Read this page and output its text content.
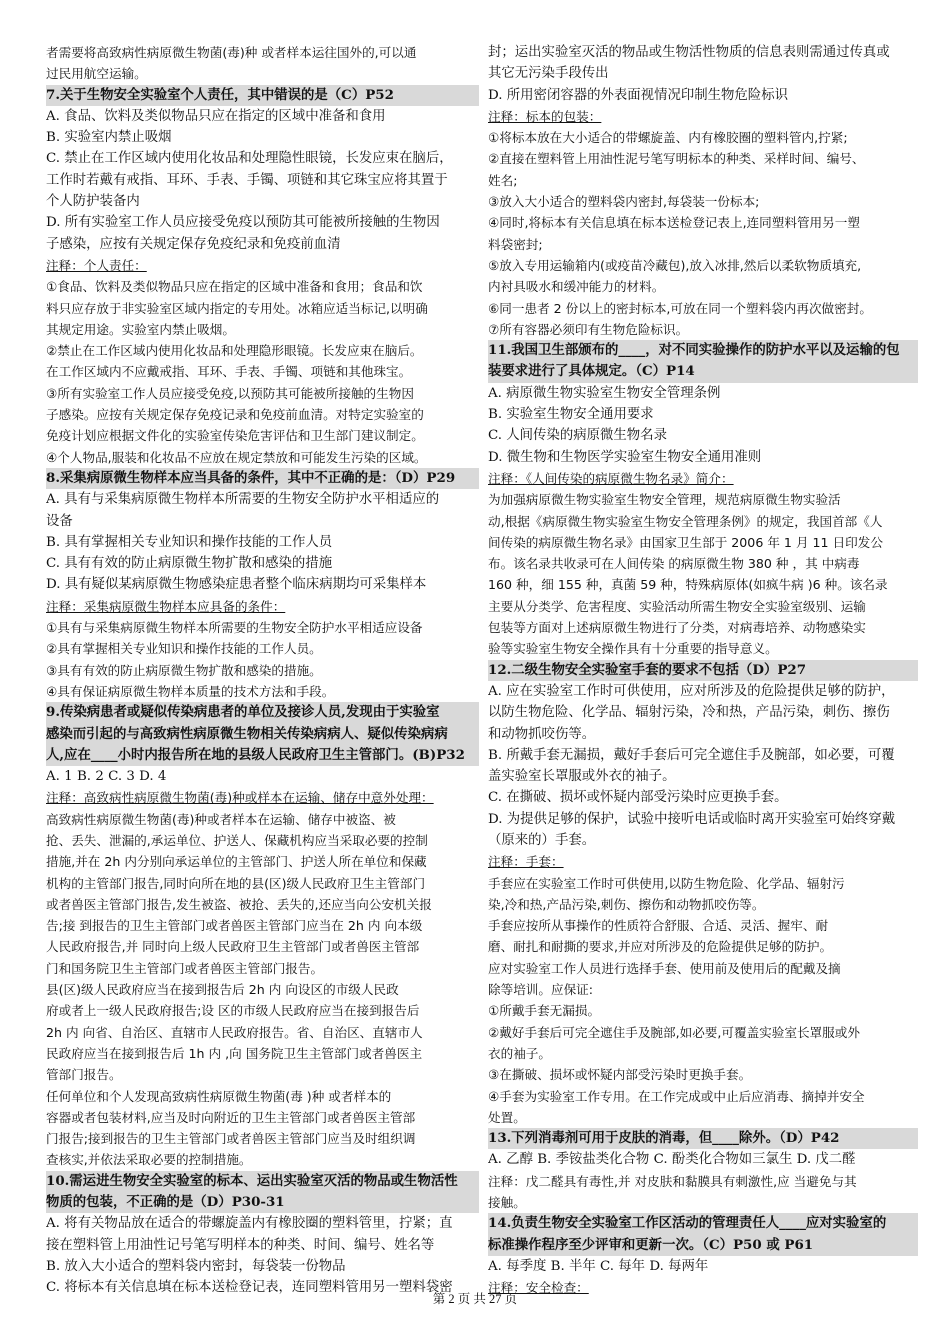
者需要将高致病性病原微生物菌(毒)种 或者样本运往国外的,可以通
过民用航空运输。
7.关于生物安全实验室个人责任，其中错误的是（C）P52
A. 食品、饮料及类似物品只应在指定的区域中准备和食用
B. 实验室内禁止吸烟
C. 禁止在工作区域内使用化妆品和处理隐性眼镜，长发应束在脑后，
工作时若戴有戒指、耳环、手表、手镯、项链和其它珠宝应将其置于
个人防护装备内
D. 所有实验室工作人员应接受免疫以预防其可能被所接触的生物因
子感染，应按有关规定保存免疫纪录和免疫前血清
注释：个人责任：
①食品、饮料及类似物品只应在指定的区域中准备和食用；食品和饮
料只应存放于非实验室区域内指定的专用处。冰箱应适当标记,以明确
其规定用途。实验室内禁止吸烟。
②禁止在工作区域内使用化妆品和处理隐形眼镜。长发应束在脑后。
在工作区域内不应戴戒指、耳环、手表、手镯、项链和其他珠宝。
③所有实验室工作人员应接受免疫,以预防其可能被所接触的生物因
子感染。应按有关规定保存免疫记录和免疫前血清。对特定实验室的
免疫计划应根据文件化的实验室传染危害评估和卫生部门建议制定。
④个人物品,服装和化妆品不应放在规定禁放和可能发生污染的区域。
8.采集病原微生物样本应当具备的条件，其中不正确的是：（D）P29
A. 具有与采集病原微生物样本所需要的生物安全防护水平相适应的
设备
B. 具有掌握相关专业知识和操作技能的工作人员
C. 具有有效的防止病原微生物扩散和感染的措施
D. 具有疑似某病原微生物感染症患者整个临床病期均可采集样本
注释：采集病原微生物样本应具备的条件：
①具有与采集病原微生物样本所需要的生物安全防护水平相适应设备
②具有掌握相关专业知识和操作技能的工作人员。
③具有有效的防止病原微生物扩散和感染的措施。
④具有保证病原微生物样本质量的技术方法和手段。
9.传染病患者或疑似传染病患者的单位及接诊人员,发现由于实验室
感染而引起的与高致病性病原微生物相关传染病病人、疑似传染病病
人,应在____小时内报告所在地的县级人民政府卫生主管部门。(B)P32
A. 1 B. 2 C. 3 D. 4
注释：高致病性病原微生物菌(毒)种或样本在运输、储存中意外处理：
高致病性病原微生物菌(毒)种或者样本在运输、储存中被盗、被
抢、丢失、泄漏的,承运单位、护送人、保藏机构应当采取必要的控制
措施,并在 2h 内分别向承运单位的主管部门、护送人所在单位和保藏
机构的主管部门报告,同时向所在地的县(区)级人民政府卫生主管部门
或者兽医主管部门报告,发生被盗、被抢、丢失的,还应当向公安机关报
告;接 到报告的卫生主管部门或者兽医主管部门应当在 2h 内 向本级
人民政府报告,并 同时向上级人民政府卫生主管部门或者兽医主管部
门和国务院卫生主管部门或者兽医主管部门报告。
县(区)级人民政府应当在接到报告后 2h 内 向设区的市级人民政
府或者上一级人民政府报告;设 区的市级人民政府应当在接到报告后
2h 内 向省、自治区、直辖市人民政府报告。省、自治区、直辖市人
民政府应当在接到报告后 1h 内 ,向 国务院卫生主管部门或者兽医主
管部门报告。
任何单位和个人发现高致病性病原微生物菌(毒 )种 或者样本的
容器或者包装材料,应当及时向附近的卫生主管部门或者兽医主管部
门报告;接到报告的卫生主管部门或者兽医主管部门应当及时组织调
查核实,并依法采取必要的控制措施。
10.需运进生物安全实验室的标本、运出实验室灭活的物品或生物活性
物质的包装，不正确的是（D）P30-31
A. 将有关物品放在适合的带螺旋盖内有橡胶圈的塑料管里，拧紧；直
接在塑料管上用油性记号笔写明样本的种类、时间、编号、姓名等
B. 放入大小适合的塑料袋内密封，每袋装一份物品
C. 将标本有关信息填在标本送检登记表，连同塑料管用另一塑料袋密
封；运出实验室灭活的物品或生物活性物质的信息表则需通过传真或
其它无污染手段传出
D. 所用密闭容器的外表面视情况印制生物危险标识
注释：标本的包装：
①将标本放在大小适合的带螺旋盖、内有橡胶圈的塑料管内,拧紧;
②直接在塑料管上用油性泥号笔写明标本的种类、采样时间、编号、
姓名;
③放入大小适合的塑料袋内密封,每袋装一份标本;
④同时,将标本有关信息填在标本送检登记表上,连同塑料管用另一塑
料袋密封;
⑤放入专用运输箱内(或疫苗冷藏包),放入冰排,然后以柔软物质填充,
内衬具吸水和缓冲能力的材料。
⑥同一患者 2 份以上的密封标本,可放在同一个塑料袋内再次做密封。
⑦所有容器必须印有生物危险标识。
11.我国卫生部颁布的____，对不同实验操作的防护水平以及运输的包
装要求进行了具体规定。（C）P14
A. 病原微生物实验室生物安全管理条例
B. 实验室生物安全通用要求
C. 人间传染的病原微生物名录
D. 微生物和生物医学实验室生物安全通用准则
注释：《人间传染的病原微生物名录》简介：
为加强病原微生物实验室生物安全管理，规范病原微生物实验活
动,根据《病原微生物实验室生物安全管理条例》的规定，我国首部《人
间传染的病原微生物名录》由国家卫生部于 2006 年 1 月 11 日印发公
布。该名录共收录可在人间传染 的病原微生物 380 种 ，其 中病毒
160 种，细 155 种，真菌 59 种，特殊病原体(如疯牛病 )6 种。该名录
主要从分类学、危害程度、实验活动所需生物安全实验室级别、运输
包装等方面对上述病原微生物进行了分类，对病毒培养、动物感染实
验等实验室生物安全操作具有十分重要的指导意义。
12.二级生物安全实验室手套的要求不包括（D）P27
A. 应在实验室工作时可供使用，应对所涉及的危险提供足够的防护，
以防生物危险、化学品、辐射污染，冷和热，产品污染，刺伤、擦伤
和动物抓咬伤等。
B. 所戴手套无漏损，戴好手套后可完全遮住手及腕部，如必要，可覆
盖实验室长罩服或外衣的袖子。
C. 在撕破、损坏或怀疑内部受污染时应更换手套。
D. 为提供足够的保护，试验中接听电话或临时离开实验室可始终穿戴
（原来的）手套。
注释：手套：
手套应在实验室工作时可供使用,以防生物危险、化学品、辐射污
染,冷和热,产品污染,刺伤、擦伤和动物抓咬伤等。
手套应按所从事操作的性质符合舒服、合适、灵活、握牢、耐
磨、耐扎和耐撕的要求,并应对所涉及的危险提供足够的防护。
应对实验室工作人员进行选择手套、使用前及使用后的配戴及摘
除等培训。应保证:
①所戴手套无漏损。
②戴好手套后可完全遮住手及腕部,如必要,可覆盖实验室长罩服或外
衣的袖子。
③在撕破、损坏或怀疑内部受污染时更换手套。
④手套为实验室工作专用。在工作完成或中止后应消毒、摘掉并安全
处置。
13.下列消毒剂可用于皮肤的消毒，但____除外。（D）P42
A. 乙醇 B. 季铵盐类化合物 C. 酚类化合物如三氯生 D. 戊二醛
注释：戊二醛具有毒性,并 对皮肤和黏膜具有刺激性,应 当避免与其
接触。
14.负责生物安全实验室工作区活动的管理责任人____应对实验室的
标准操作程序至少评审和更新一次。（C）P50 或 P61
A. 每季度 B. 半年 C. 每年 D. 每两年
注释：安全检查：
第 2 页 共 27 页
